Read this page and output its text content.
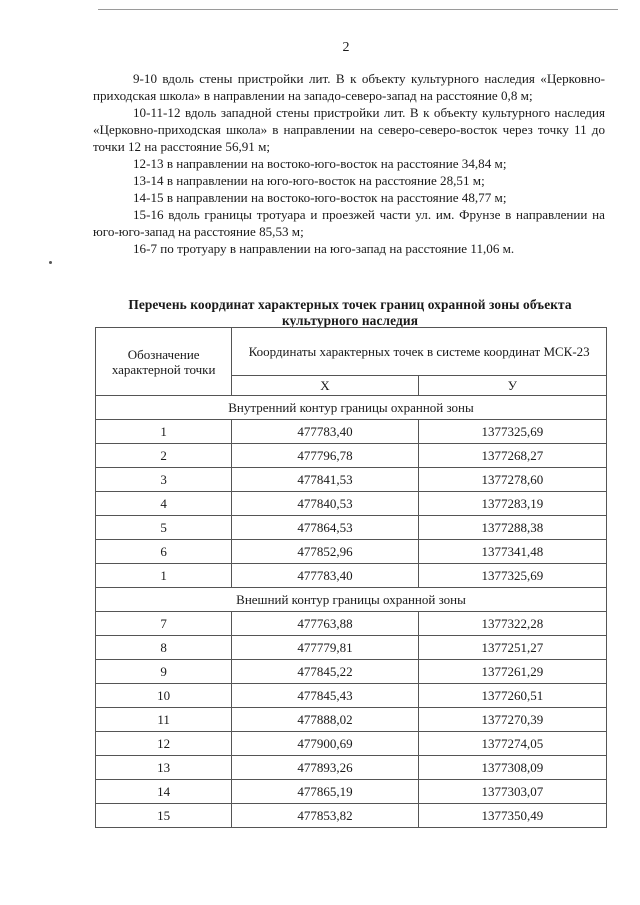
2

9-10 вдоль стены пристройки лит. В к объекту культурного наследия «Церковно-приходская школа» в направлении на западо-северо-запад на расстояние 0,8 м;

10-11-12 вдоль западной стены пристройки лит. В к объекту культурного наследия «Церковно-приходская школа» в направлении на северо-северо-восток через точку 11 до точки 12 на расстояние 56,91 м;

12-13 в направлении на востоко-юго-восток на расстояние 34,84 м;

13-14 в направлении на юго-юго-восток на расстояние 28,51 м;

14-15 в направлении на востоко-юго-восток на расстояние 48,77 м;

15-16 вдоль границы тротуара и проезжей части ул. им. Фрунзе в направлении на юго-юго-запад на расстояние 85,53 м;

16-7 по тротуару в направлении на юго-запад на расстояние 11,06 м.

Перечень координат характерных точек границ охранной зоны объекта культурного наследия
Обозначение характерной точки	Координаты характерных точек в системе координат МСК-23	
	Х	У
Внутренний контур границы охранной зоны		
1	477783,40	1377325,69
2	477796,78	1377268,27
3	477841,53	1377278,60
4	477840,53	1377283,19
5	477864,53	1377288,38
6	477852,96	1377341,48
1	477783,40	1377325,69
Внешний контур границы охранной зоны		
7	477763,88	1377322,28
8	477779,81	1377251,27
9	477845,22	1377261,29
10	477845,43	1377260,51
11	477888,02	1377270,39
12	477900,69	1377274,05
13	477893,26	1377308,09
14	477865,19	1377303,07
15	477853,82	1377350,49
